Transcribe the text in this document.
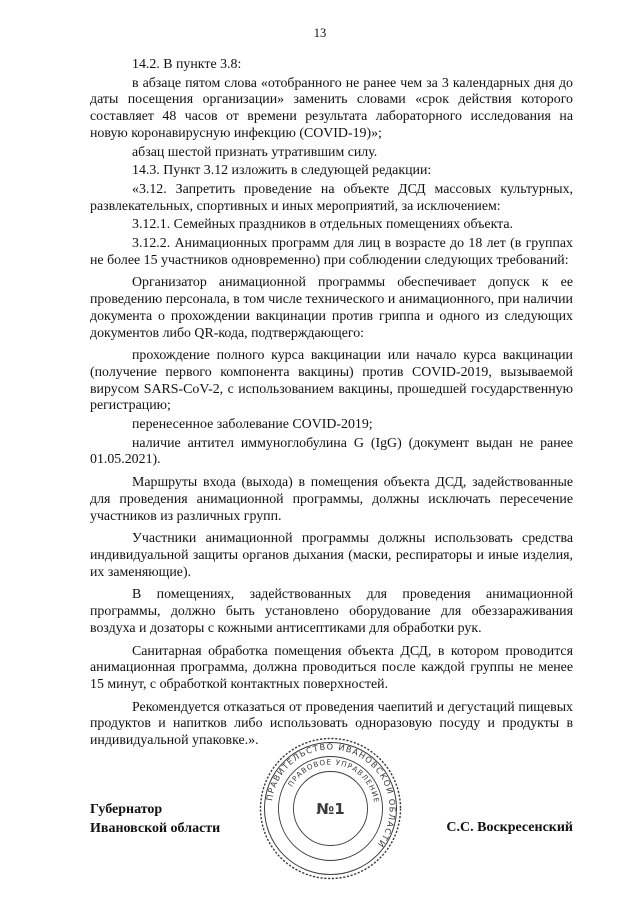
13

14.2. В пункте 3.8:

в абзаце пятом слова «отобранного не ранее чем за 3 календарных дня до даты посещения организации» заменить словами «срок действия которого составляет 48 часов от времени результата лабораторного исследования на новую коронавирусную инфекцию (COVID-19)»;

абзац шестой признать утратившим силу.

14.3. Пункт 3.12 изложить в следующей редакции:

«3.12. Запретить проведение на объекте ДСД массовых культурных, развлекательных, спортивных и иных мероприятий, за исключением:

3.12.1. Семейных праздников в отдельных помещениях объекта.

3.12.2. Анимационных программ для лиц в возрасте до 18 лет (в группах не более 15 участников одновременно) при соблюдении следующих требований:

Организатор анимационной программы обеспечивает допуск к ее проведению персонала, в том числе технического и анимационного, при наличии документа о прохождении вакцинации против гриппа и одного из следующих документов либо QR-кода, подтверждающего:

прохождение полного курса вакцинации или начало курса вакцинации (получение первого компонента вакцины) против COVID-2019, вызываемой вирусом SARS-CoV-2, с использованием вакцины, прошедшей государственную регистрацию;

перенесенное заболевание COVID-2019;

наличие антител иммуноглобулина G (IgG) (документ выдан не ранее 01.05.2021).

Маршруты входа (выхода) в помещения объекта ДСД, задействованные для проведения анимационной программы, должны исключать пересечение участников из различных групп.

Участники анимационной программы должны использовать средства индивидуальной защиты органов дыхания (маски, респираторы и иные изделия, их заменяющие).

В помещениях, задействованных для проведения анимационной программы, должно быть установлено оборудование для обеззараживания воздуха и дозаторы с кожными антисептиками для обработки рук.

Санитарная обработка помещения объекта ДСД, в котором проводится анимационная программа, должна проводиться после каждой группы не менее 15 минут, с обработкой контактных поверхностей.

Рекомендуется отказаться от проведения чаепитий и дегустаций пищевых продуктов и напитков либо использовать одноразовую посуду и продукты в индивидуальной упаковке.».

Губернатор
Ивановской области	С.С. Воскресенский
ПРАВИТЕЛЬСТВО ИВАНОВСКОЙ ОБЛАСТИ
ПРАВОВОЕ УПРАВЛЕНИЕ
№1
